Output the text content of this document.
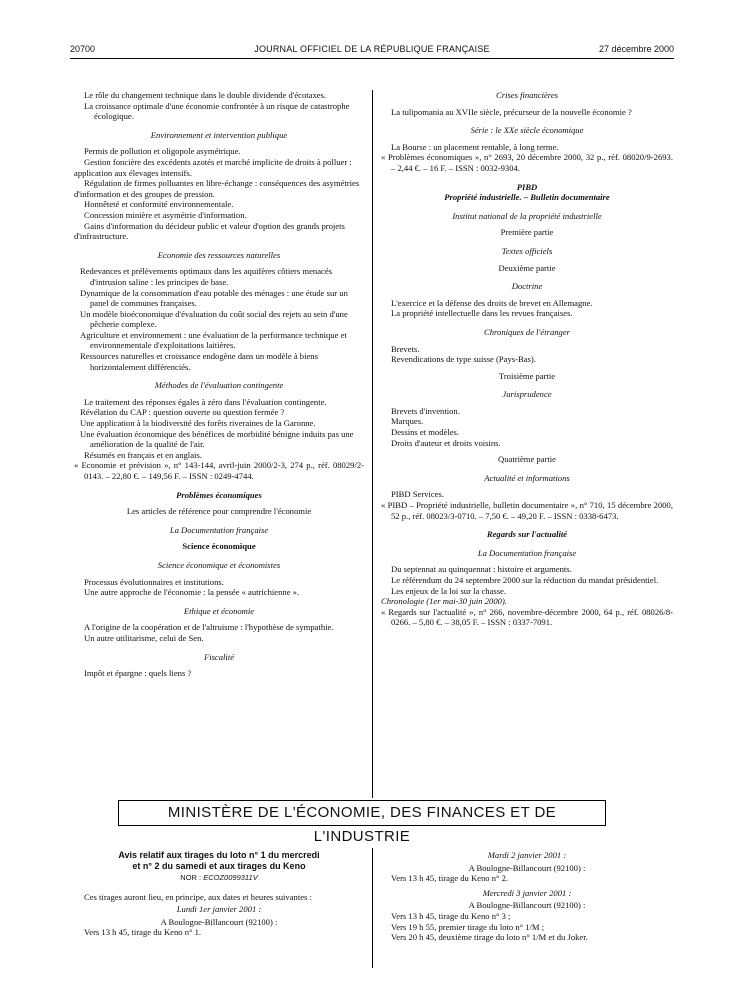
20700	JOURNAL OFFICIEL DE LA RÉPUBLIQUE FRANÇAISE	27 décembre 2000

Le rôle du changement technique dans le double dividende d'écotaxes.

La croissance optimale d'une économie confrontée à un risque de catastrophe écologique.

Environnement et intervention publique

Permis de pollution et oligopole asymétrique.

Gestion foncière des excédents azotés et marché implicite de droits à polluer : application aux élevages intensifs.

Régulation de firmes polluantes en libre-échange : conséquences des asymétries d'information et des groupes de pression.

Honnêteté et conformité environnementale.

Concession minière et asymétrie d'information.

Gains d'information du décideur public et valeur d'option des grands projets d'infrastructure.

Economie des ressources naturelles

Redevances et prélèvements optimaux dans les aquifères côtiers menacés d'intrusion saline : les principes de base.

Dynamique de la consommation d'eau potable des ménages : une étude sur un panel de communes françaises.

Un modèle bioéconomique d'évaluation du coût social des rejets au sein d'une pêcherie complexe.

Agriculture et environnement : une évaluation de la performance technique et environnementale d'exploitations laitières.

Ressources naturelles et croissance endogène dans un modèle à biens horizontalement différenciés.

Méthodes de l'évaluation contingente

Le traitement des réponses égales à zéro dans l'évaluation contingente.

Révélation du CAP : question ouverte ou question fermée ?

Une application à la biodiversité des forêts riveraines de la Garonne.

Une évaluation économique des bénéfices de morbidité bénigne induits pas une amélioration de la qualité de l'air.

Résumés en français et en anglais.

« Economie et prévision », n° 143-144, avril-juin 2000/2-3, 274 p., réf. 08029/2-0143. – 22,80 €. – 149,56 F. – ISSN : 0249-4744.

Problèmes économiques
Les articles de référence pour comprendre l'économie
La Documentation française
Science économique
Science économique et économistes

Processus évolutionnaires et institutions.

Une autre approche de l'économie : la pensée « autrichienne ».

Ethique et économie

A l'origine de la coopération et de l'altruisme : l'hypothèse de sympathie.

Un autre utilitarisme, celui de Sen.

Fiscalité

Impôt et épargne : quels liens ?

Crises financières

La tulipomania au XVIIe siècle, précurseur de la nouvelle économie ?

Série : le XXe siècle économique

La Bourse : un placement rentable, à long terme.

« Problèmes économiques », n° 2693, 20 décembre 2000, 32 p., réf. 08020/9-2693. – 2,44 €. – 16 F. – ISSN : 0032-9304.

PIBD
Propriété industrielle. – Bulletin documentaire
Institut national de la propriété industrielle
Première partie
Textes officiels
Deuxième partie
Doctrine

L'exercice et la défense des droits de brevet en Allemagne.

La propriété intellectuelle dans les revues françaises.

Chroniques de l'étranger

Brevets.

Revendications de type suisse (Pays-Bas).

Troisième partie
Jurisprudence

Brevets d'invention.

Marques.

Dessins et modèles.

Droits d'auteur et droits voisins.

Quatrième partie
Actualité et informations

PIBD Services.

« PIBD – Propriété industrielle, bulletin documentaire », n° 710, 15 décembre 2000, 52 p., réf. 08023/3-0710. – 7,50 €. – 49,20 F. – ISSN : 0338-6473.

Regards sur l'actualité
La Documentation française

Du septennat au quinquennat : histoire et arguments.

Le référendum du 24 septembre 2000 sur la réduction du mandat présidentiel.

Les enjeux de la loi sur la chasse.

Chronologie (1er mai-30 juin 2000).

« Regards sur l'actualité », n° 266, novembre-décembre 2000, 64 p., réf. 08026/8-0266. – 5,80 €. – 38,05 F. – ISSN : 0337-7091.

MINISTÈRE DE L'ÉCONOMIE, DES FINANCES ET DE L'INDUSTRIE
Avis relatif aux tirages du loto n° 1 du mercredi
et n° 2 du samedi et aux tirages du Keno
NOR : ECOZ0099311V

Ces tirages auront lieu, en principe, aux dates et heures suivantes :

Lundi 1er janvier 2001 :

A Boulogne-Billancourt (92100) :

Vers 13 h 45, tirage du Keno n° 1.

Mardi 2 janvier 2001 :

A Boulogne-Billancourt (92100) :

Vers 13 h 45, tirage du Keno n° 2.

Mercredi 3 janvier 2001 :

A Boulogne-Billancourt (92100) :

Vers 13 h 45, tirage du Keno n° 3 ;

Vers 19 h 55, premier tirage du loto n° 1/M ;

Vers 20 h 45, deuxième tirage du loto n° 1/M et du Joker.
